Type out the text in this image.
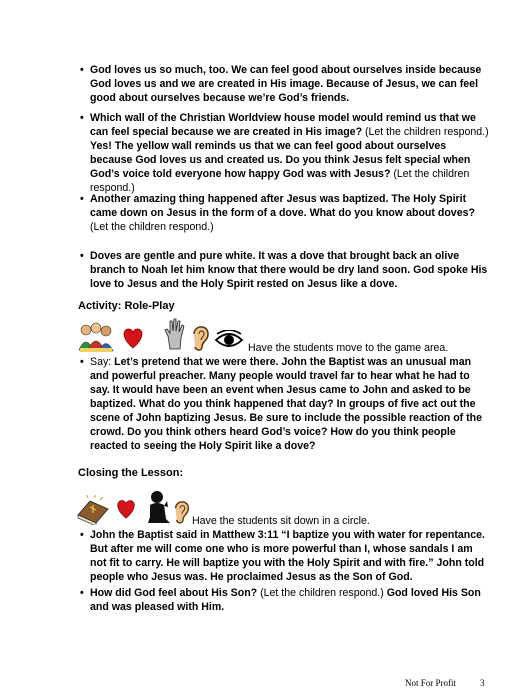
• God loves us so much, too. We can feel good about ourselves inside because God loves us and we are created in His image. Because of Jesus, we can feel good about ourselves because we’re God’s friends.
• Which wall of the Christian Worldview house model would remind us that we can feel special because we are created in His image? (Let the children respond.) Yes! The yellow wall reminds us that we can feel good about ourselves because God loves us and created us. Do you think Jesus felt special when God’s voice told everyone how happy God was with Jesus? (Let the children respond.)
• Another amazing thing happened after Jesus was baptized. The Holy Spirit came down on Jesus in the form of a dove. What do you know about doves? (Let the children respond.)
• Doves are gentle and pure white. It was a dove that brought back an olive branch to Noah let him know that there would be dry land soon. God spoke His love to Jesus and the Holy Spirit rested on Jesus like a dove.
Activity: Role-Play
Have the students move to the game area.
• Say: Let’s pretend that we were there. John the Baptist was an unusual man and powerful preacher. Many people would travel far to hear what he had to say. It would have been an event when Jesus came to John and asked to be baptized. What do you think happened that day? In groups of five act out the scene of John baptizing Jesus. Be sure to include the possible reaction of the crowd. Do you think others heard God’s voice? How do you think people reacted to seeing the Holy Spirit like a dove?
Closing the Lesson:
Have the students sit down in a circle.
• John the Baptist said in Matthew 3:11 “I baptize you with water for repentance. But after me will come one who is more powerful than I, whose sandals I am not fit to carry. He will baptize you with the Holy Spirit and with fire.” John told people who Jesus was. He proclaimed Jesus as the Son of God.
• How did God feel about His Son? (Let the children respond.) God loved His Son and was pleased with Him.
Not For Profit	3
